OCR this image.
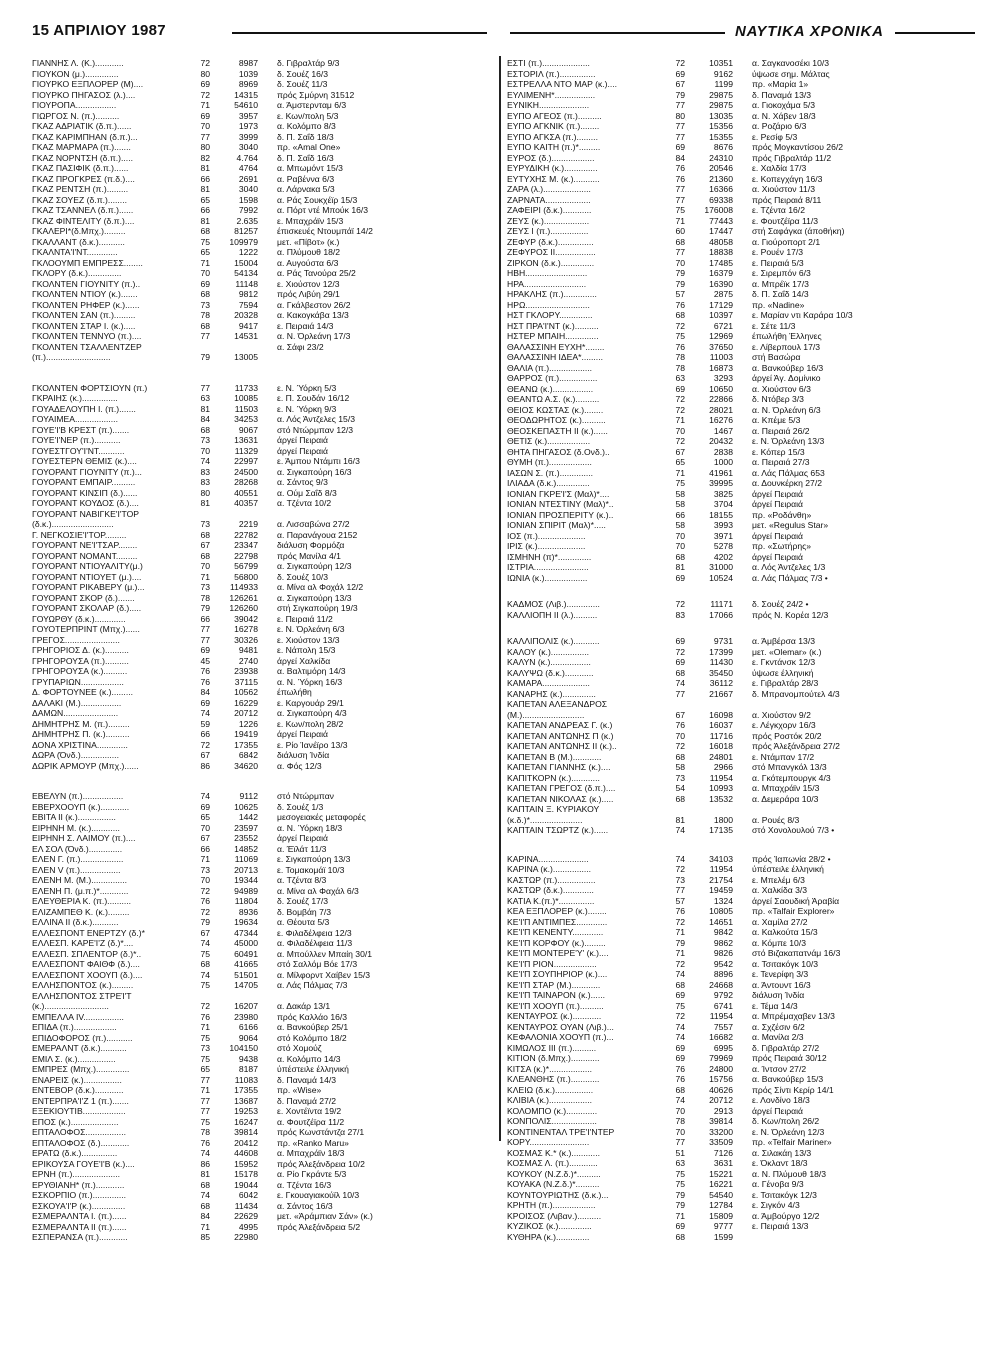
15 ΑΠΡΙΛΙΟΥ 1987	ΝΑΥΤΙΚΑ ΧΡΟΝΙΚΑ
ΓΙΑΝΝΗΣ Λ. (Κ.)............	72	8987 δ. Γιβραλτάρ 9/3
ΓΙΟΥΚΟΝ (μ.)..............	80	1039 δ. Σουέζ 16/3
ΓΙΟΥΡΚΟ ΕΞΠΛΟΡΕΡ (Μ)....	69	8969 δ. Σουέζ 11/3
ΓΙΟΥΡΚΟ ΠΗΓΑΣΟΣ (λ.)....	72	14315 πρός Σμύρνη 31512
ΓΙΟΥΡΟΠΑ.................	71	54610 α. Άμστερνταμ 6/3
ΓΙΩΡΓΟΣ Ν. (π.)..........	69	3957 ε. Κων/πολη 5/3
ΓΚΑΖ ΑΔΡΙΑΤΙΚ (δ.π.)......	70	1973 α. Κολόμπο 8/3
ΓΚΑΖ ΚΑΡΙΜΠΗΑΝ (δ.π.)...	77	3999 δ. Π. Σαΐδ 18/3
ΓΚΑΖ ΜΑΡΜΑΡΑ (π.).......	80	3040 πρ. «Amal One»
ΓΚΑΖ ΝΟΡΝΤΣΗ (δ.π.).....	82	4.764 δ. Π. Σαΐδ 16/3
ΓΚΑΖ ΠΑΣΙΦΙΚ (δ.π.)......	81	4764 α. Μπωμόντ 15/3
ΓΚΑΖ ΠΡΟΓΚΡΕΣ (π.δ.)....	66	2691 α. Ραβέννα 6/3
ΓΚΑΖ ΡΕΝΤΣΗ (π.).........	81	3040 α. Λάρνακα 5/3
ΓΚΑΖ ΣΟΥΕΖ (δ.π.)........	65	1598 α. Ράς Σουκχέϊρ 15/3
ΓΚΑΖ ΤΣΑΝΝΕΛ (δ.π.)......	66	7992 α. Πόρτ ντέ Μπούκ 16/3
ΓΚΑΖ ΦΙΝΤΕΛΙΤΥ (δ.π.)....	81	2.635 ε. Μπαχράϊν 15/3
ΓΚΑΛΕΡΙ*(δ.Μπχ.).........	68	81257 έπισκευές Ντουμπάϊ 14/2
ΓΚΑΛΛΑΝΤ (δ.κ.)...........	75	109979 μετ. «Πίβοτ» (κ.)
ΓΚΑΛΝΤΑ'Ι'ΝΤ.............	65	1222 α. Πλύμουθ 18/2
ΓΚΛΟΟΥΜΠ ΕΜΠΡΕΣΣ........	71	15004 α. Αυγούστα 6/3
ΓΚΛΟΡΥ (δ.κ.)..............	70	54134 α. Ράς Τανούρα 25/2
ΓΚΟΛΝΤΕΝ ΓΙΟΥΝΙΤΥ (π.)..	69	11148 ε. Χιούστον 12/3
ΓΚΟΛΝΤΕΝ ΝΤΙΟΥ (κ.).......	68	9812 πρός Λιβύη 29/1
ΓΚΟΛΝΤΕΝ ΡΗΦΕΡ (κ.)......	73	7594 α. Γκάλβεστον 26/2
ΓΚΟΛΝΤΕΝ ΣΑΝ (π.).........	78	20328 α. Κακογκάβα 13/3
ΓΚΟΛΝΤΕΝ ΣΤΑΡ Ι. (κ.).....	68	9417 ε. Πειραιά 14/3
ΓΚΟΛΝΤΕΝ ΤΕΝΝΥΟ (π.)....	77	14531 α. Ν. Όρλεάνη 17/3
ΓΚΟΛΝΤΕΝ ΤΣΑΛΛΕΝΤΖΕΡ	α. Σάφι 23/2
(π.)...........................	79	13005
ΓΚΟΛΝΤΕΝ ΦΟΡΤΣΙΟΥΝ (π.)	77	11733 ε. Ν. Ύόρκη 5/3
ΓΚΡΑΙΗΣ (κ.)...............	63	10085 ε. Π. Σουδάν 16/12
ΓΟΥΑΔΕΛΟΥΠΗ Ι. (π.).......	81	11503 ε. Ν. Ύόρκη 9/3
ΓΟΥΑΙΜΕΑ..................	84	34253 α. Λός Άντζελες 15/3
ΓΟΥΕ'Ι'Β ΚΡΕΣΤ (π.).......	68	9067 στό Ντώρμπαν 12/3
ΓΟΥΕ'Ι'ΝΕΡ (π.)...........	73	13631 άργεί Πειραιά
ΓΟΥΕΣΤΓΟΥ'Ι'ΝΤ...........	70	11329 άργεί Πειραιά
ΓΟΥΕΣΤΕΡΝ ΘΕΜΙΣ (κ.)....	74	22997 ε. Άμπου Ντάμπι 16/3
ΓΟΥΟΡΑΝΤ ΓΙΟΥΝΙΤΥ (π.)...	83	24500 α. Σιγκαπούρη 16/3
ΓΟΥΟΡΑΝΤ ΕΜΠΑΙΡ..........	83	28268 α. Σάντος 9/3
ΓΟΥΟΡΑΝΤ ΚΙΝΣΙΠ (δ.)......	80	40551 α. Ούμ Σαΐδ 8/3
ΓΟΥΟΡΑΝΤ ΚΟΥΔΟΣ (δ.)....	81	40357 α. Τζέντα 10/2
ΓΟΥΟΡΑΝΤ ΝΑΒΙΓΚΕ'Ι'ΤΟΡ
(δ.κ.)..........................	73	2219 α. Λισσαβώνα 27/2
Γ. ΝΕΓΚΟΣΙΕ'Ι'ΤΟΡ.........	68	22782 α. Παρανάγουα 2152
ΓΟΥΟΡΑΝΤ ΝΕ'Ι'ΤΣΑΡ........	67	23347 διάλυση Φορμόζα
ΓΟΥΟΡΑΝΤ ΝΟΜΑΝΤ.........	68	22798 πρός Μανίλα 4/1
ΓΟΥΟΡΑΝΤ ΝΤΙΟΥΑΛΙΤΥ(μ.)	70	56799 α. Σιγκαπούρη 12/3
ΓΟΥΟΡΑΝΤ ΝΤΙΟΥΕΤ (μ.)....	71	56800 δ. Σουέζ 10/3
ΓΟΥΟΡΑΝΤ ΡΙΚΑΒΕΡΥ (μ.)...	73	114933 α. Μίνα αλ Φοχάλ 12/2
ΓΟΥΟΡΑΝΤ ΣΚΟΡ (δ.).......	78	126261 α. Σιγκαπούρη 13/3
ΓΟΥΟΡΑΝΤ ΣΚΟΛΑΡ (δ.).....	79	126260 στή Σιγκαπούρη 19/3
ΓΟΥΩΡΘΥ (δ.κ.).............	66	39042 ε. Πειραιά 11/2
ΓΟΥΟΤΕΡΠΡΙΝΤ (Μπχ.)......	77	16278 ε. Ν. Όρλεάνη 6/3
ΓΡΕΓΟΣ.......................	77	30326 ε. Χιούστον 13/3
ΓΡΗΓΟΡΙΟΣ Δ. (κ.)..........	69	9481 ε. Νάπολη 15/3
ΓΡΗΓΟΡΟΥΣΑ (π.)..........	45	2740 άργεί Χαλκίδα
ΓΡΗΓΟΡΟΥΣΑ (κ.)..........	76	23938 α. Βαλτιμόρη 14/3
ΓΡΥΠΑΡΙΩΝ..................	76	37115 α. Ν. Ύόρκη 16/3
Δ. ΦΟΡΤΟΥΝΕΕ (κ.).........	84	10562 έπωλήθη
ΔΑΛΑΚΙ (Μ.).................	69	16229 ε. Καργουάρ 29/1
ΔΑΜΩΝ.......................	74	20712 α. Σιγκαπούρη 4/3
ΔΗΜΗΤΡΗΣ Μ. (π.).........	59	1226 ε. Κων/πολη 28/2
ΔΗΜΗΤΡΗΣ Π. (κ.)..........	66	19419 άργεί Πειραιά
ΔΟΝΑ ΧΡΙΣΤΙΝΑ.............	72	17355 ε. Ρίο Ίανέϊρο 13/3
ΔΩΡΑ (Όνδ.)................	67	6842 διάλυση Ίνδία
ΔΩΡΙΚ ΑΡΜΟΥΡ (Μπχ.)......	86	34620 α. Φός 12/3
ΕΒΕΛΥΝ (π.).................	74	9112 στό Ντώρμπαν
ΕΒΕΡΧΟΟΥΠ (κ.)............	69	10625 δ. Σουέζ 1/3
ΕΒΙΤΑ ΙΙ (κ.)................	65	1442 μεσογειακές μεταφορές
ΕΙΡΗΝΗ Μ. (κ.)............	70	23597 α. Ν. Ύόρκη 18/3
ΕΙΡΗΝΗ Σ. ΛΑΙΜΟΥ (π.)....	67	23552 άργεί Πειραιά
ΕΛ ΣΟΛ (Όνδ.)..............	66	14852 α. Έϊλάτ 11/3
ΕΛΕΝ Γ. (π.)..................	71	11069 ε. Σιγκαπούρη 13/3
ΕΛΕΝ V (π.).................	73	20713 ε. Τομακομάϊ 10/3
ΕΛΕΝΗ Μ. (Μ.)...............	70	19344 α. Τζέντα 8/3
ΕΛΕΝΗ Π. (μ.π.)*............	72	94989 α. Μίνα αλ Φαχάλ 6/3
ΕΛΕΥΘΕΡΙΑ Κ. (π.)..........	76	11804 δ. Σουέζ 17/3
ΕΛΙΖΑΜΠΕΘ Κ. (κ.).........	72	8936 δ. Βομβάη 7/3
ΕΛΛΙΝΑ ΙΙ (δ.κ.)...........	79	19634 α. Θέουτα 5/3
ΕΛΛΕΣΠΟΝΤ ΕΝΕΡΤΖΥ (δ.)*	67	47344 ε. Φιλαδέλφεια 12/3
ΕΛΛΕΣΠ. ΚΑΡΕ'Ι'Ζ (δ.)*....	74	45000 α. Φιλαδέλφεια 11/3
ΕΛΛΕΣΠ. ΣΠΛΕΝΤΟΡ (δ.)*..	75	60491 α. Μπούλλεν Μπαίη 30/1
ΕΛΛΕΣΠΟΝΤ ΦΑΙΘΦ (δ.)....	68	41665 στό Σαλλόμ Βόε 17/3
ΕΛΛΕΣΠΟΝΤ ΧΟΟΥΠ (δ.)....	74	51501 α. Μίλφορντ Χαίβεν 15/3
ΕΛΛΗΣΠΟΝΤΟΣ (κ.).........	75	14705 α. Λάς Πάλμας 7/3
ΕΛΛΗΣΠΟΝΤΟΣ ΣΤΡΕΊ'Τ
(κ.)...........................	72	16207 α. Δακάρ 13/1
ΕΜΠΕΛΛΑ IV.................	76	23980 πρός Καλλάο 16/3
ΕΠΙΔΑ (π.)..................	71	6166 α. Βανκούβερ 25/1
ΕΠΙΔΟΦΟΡΟΣ (π.)...........	75	9064 στό Κολόμπο 18/2
ΕΜΕΡΑΛΝΤ (δ.κ.)...........	73	104150 στό Χομούζ
ΕΜΙΛ Σ. (κ.)................	75	9438 α. Κολόμπο 14/3
ΕΜΠΡΕΣ (Μπχ.)..............	65	8187 ύπέστειλε έλληνική
ΕΝΑΡΕΙΣ (κ.)................	77	11083 δ. Παναμά 14/3
ΕΝΤΕΒΟΡ (δ.κ.)............	71	17355 πρ. «Wise»
ΕΝΤΕΡΠΡΑ'Ι'Ζ 1 (π.).......	77	13687 δ. Παναμά 27/2
ΕΞΕΚΙΟΥΤΙΒ..................	77	19253 ε. Χοντέϊντα 19/2
ΕΠΟΣ (κ.)....................	75	16247 α. Φουτζέϊρα 11/2
ΕΠΤΑΛΟΦΟΣ.................	78	39814 πρός Κωνστάντζα 27/1
ΕΠΤΑΛΟΦΟΣ (δ.)............	76	20412 πρ. «Ranko Maru»
ΕΡΑΤΩ (δ.κ.)...............	74	44608 α. Μπαχράϊν 18/3
ΕΡΙΚΟΥΣΑ ΓΟΥΕ'Ι'Β (κ.)....	86	15952 πρός Άλεξάνδρεια 10/2
ΕΡΝΗ (π.)....................	81	15178 α. Ρίο Γκράντε 5/3
ΕΡΥΘΙΑΝΗ* (π.)............	68	19044 α. Τζέντα 16/3
ΕΣΚΟΡΠΙΟ (π.)..............	74	6042 ε. Γκουαγιακούϊλ 10/3
ΕΣΚΟΥΑ'Ι'Ρ (κ.)..............	68	11434 α. Σάντος 16/3
ΕΣΜΕΡΑΛΝΤΑ Ι. (π.)......	84	22629 μετ. «Άράμπιαν Σάν» (κ.)
ΕΣΜΕΡΑΛΝΤΑ ΙΙ (π.)......	71	4995 πρός Άλεξάνδρεια 5/2
ΕΣΠΕΡΑΝΣΑ (π.)............	85	22980
ΕΣΤΙ (π.)....................	72	10351 α. Σαγκανοσέκι 10/3
ΕΣΤΟΡΙΛ (π.)...............	69	9162 ύψωσε σημ. Μάλτας
ΕΣΤΡΕΛΛΑ ΝΤΟ ΜΑΡ (κ.)....	67	1199 πρ. «Μαρία 1»
ΕΥΛΙΜΕΝΗ*.................	79	29875 δ. Παναμά 13/3
ΕΥΝΙΚΗ.....................	77	29875 α. Γιοκοχάμα 5/3
ΕΥΠΟ ΑΓΕΟΣ (π.)..........	80	13035 α. Ν. Χάβεν 18/3
ΕΥΠΟ ΑΓΚΝΙΚ (π.)........	77	15356 α. Ροζάριο 6/3
ΕΥΠΟ ΑΓΚΣΑ (π.).........	77	15355 ε. Ρεσίφ 5/3
ΕΥΠΟ ΚΑΙΤΗ (π.)*.........	69	8676 πρός Μογκαντίσου 26/2
ΕΥΡΟΣ (δ.)..................	84	24310 πρός Γιβραλτάρ 11/2
ΕΥΡΥΔΙΚΗ (κ.)..............	76	20546 ε. Χαλδία 17/3
ΕΥΤΥΧΗΣ Μ. (κ.)...........	76	21360 ε. Κοπεγχάγη 16/3
ΖΑΡΑ (λ.)....................	77	16366 α. Χιούστον 11/3
ΖΑΡΝΑΤΑ...................	77	69338 πρός Πειραιά 8/11
ΖΑΦΕΙΡΙ (δ.κ.)............	75	176008 ε. Τζέντα 16/2
ΖΕΥΣ (κ.)...................	71	77443 ε. Φουτζέϊρα 11/3
ΖΕΥΣ Ι (π.)................	60	17447 στή Σαφάγκα (άποθήκη)
ΖΕΦΥΡ (δ.κ.)...............	68	48058 α. Γιούροπορτ 2/1
ΖΕΦΥΡΟΣ ΙΙ.................	77	18838 ε. Ρουέν 17/3
ΖΙΡΚΟΝ (δ.κ.)..............	70	17485 ε. Πειραιά 5/3
ΗΒΗ..........................	79	16379 ε. Σιρεμπόν 6/3
ΗΡΑ..........................	79	16390 α. Μπρέϊκ 17/3
ΗΡΑΚΛΗΣ (π.)..............	57	2875 δ. Π. Σαΐδ 14/3
ΗΡΩ...........................	76	17129 πρ. «Nadine»
ΗΣΤ ΓΚΛΟΡΥ..............	68	10397 ε. Μαρίαν ντι Καράρα 10/3
ΗΣΤ ΠΡΑ'Ι'ΝΤ (κ.)..........	72	6721 ε. Σέτε 11/3
ΗΣΤΕΡ ΜΠΑΙΗ..............	75	12969 έπωλήθη Έλληνες
ΘΑΛΑΣΣΙΝΗ ΕΥΧΗ*........	76	37650 ε. Λίβερπουλ 17/3
ΘΑΛΑΣΣΙΝΗ ΙΔΕΑ*.........	78	11003 στή Βασώρα
ΘΑΛΙΑ (π.)..................	78	16873 α. Βανκούβερ 16/3
ΘΑΡΡΟΣ (π.)................	63	3293 άργεί Άγ. Δομίνικο
ΘΕΑΝΩ (κ.).................	69	10650 α. Χιούστον 6/3
ΘΕΑΝΤΩ Α.Σ. (κ.)..........	72	22866 δ. Ντόβερ 3/3
ΘΕΙΟΣ ΚΩΣΤΑΣ (κ.)........	72	28021 α. Ν. Όρλεάνη 6/3
ΘΕΟΔΩΡΗΤΟΣ (κ.)..........	71	16276 α. Κπέμε 5/3
ΘΕΟΣΚΕΠΑΣΤΗ ΙΙ (κ.)......	70	1467 α. Πειραιά 26/2
ΘΕΤΙΣ (κ.)..................	72	20432 ε. Ν. Όρλεάνη 13/3
ΘΗΤΑ ΠΗΓΑΣΟΣ (δ.Ονδ.)..	67	2838 ε. Κόπερ 15/3
ΘΥΜΗ (π.)..................	65	1000 α. Πειραιά 27/3
ΙΑΣΩΝ Σ. (π.)..............	71	41961 α. Λάς Πάλμας 653
ΙΛΙΑΔΑ (δ.κ.)..............	75	39995 α. Δουνκέρκη 27/2
ΙΟΝΙΑΝ ΓΚΡΕ'Ι'Σ (Μαλ)*....	58	3825 άργεί Πειραιά
ΙΟΝΙΑΝ ΝΤΕΣΤΙΝΥ (Μαλ)*..	58	3704 άργεί Πειραιά
ΙΟΝΙΑΝ ΠΡΟΣΠΕΡΙΤΥ (κ.)..	66	18155 πρ. «Ροδάνθη»
ΙΟΝΙΑΝ ΣΠΙΡΙΤ (Μαλ)*.....	58	3993 μετ. «Regulus Star»
ΙΟΣ (π.)....................	70	3971 άργεί Πειραιά
ΙΡΙΣ (κ.)....................	70	5278 πρ. «Σωτήρης»
ΙΣΜΗΝΗ (π)*..............	68	4202 άργεί Πειραιά
ΙΣΤΡΙΑ.......................	81	31000 α. Λός Άντζελες 1/3
ΙΩΝΙΑ (κ.)..................	69	10524 α. Λάς Πάλμας 7/3 •
ΚΑΔΜΟΣ (Λιβ.)..............	72	11171 δ. Σουέζ 24/2 •
ΚΑΛΛΙΟΠΗ ΙΙ (λ.)..........	83	17066 πρός Ν. Κορέα 12/3
ΚΑΛΛΙΠΟΛΙΣ (κ.)...........	69	9731 α. Άμβέρσα 13/3
ΚΑΛΟΥ (κ.)................	72	17399 μετ. «Olemar» (κ.)
ΚΑΛΥΝ (κ.).................	69	11430 ε. Γκντάνσκ 12/3
ΚΑΛΥΨΩ (δ.κ.)............	68	35450 ύψωσε έλληνική
ΚΑΜΑΡΑ....................	74	36112 ε. Γιβραλτάρ 28/3
ΚΑΝΑΡΗΣ (κ.)..............	77	21667 δ. Μπρανομπούτελ 4/3
ΚΑΠΕΤΑΝ ΑΛΕΞΑΝΔΡΟΣ
(Μ.)..........................	67	16098 α. Χιούστον 9/2
ΚΑΠΕΤΑΝ ΑΝΔΡΕΑΣ Γ. (κ.)	76	16037 ε. Λέγκχορν 16/3
ΚΑΠΕΤΑΝ ΑΝΤΩΝΗΣ Π (κ.)	70	11716 πρός Ροστόκ 20/2
ΚΑΠΕΤΑΝ ΑΝΤΩΝΗΣ ΙΙ (κ.)..	72	16018 πρός Άλεξάνδρεια 27/2
ΚΑΠΕΤΑΝ Β (Μ.)............	68	24801 ε. Ντάμπαν 17/2
ΚΑΠΕΤΑΝ ΓΙΑΝΝΗΣ (κ.)....	58	2966 στό Μπανγκόλ 13/3
ΚΑΠΙΤΚΟΡΝ (κ.)............	73	11954 α. Γκότεμπουργκ 4/3
ΚΑΠΕΤΑΝ ΓΡΕΓΟΣ (δ.π.)....	54	10993 α. Μπαχράϊν 15/3
ΚΑΠΕΤΑΝ ΝΙΚΟΛΑΣ (κ.).....	68	13532 α. Δεμεράρα 10/3
ΚΑΠΤΑΙΝ Ξ. ΚΥΡΙΑΚΟΥ
(κ.δ.)*......................	81	1800 α. Ρουές 8/3
ΚΑΠΤΑΙΝ ΤΣΩΡΤΖ (κ.)......	74	17135 στό Χονολουλού 7/3 •
ΚΑΡΙΝΑ.....................	74	34103 πρός Ίαπωνία 28/2 •
ΚΑΡΙΝΑ (κ.)................	72	11954 ύπέστειλε έλληνική
ΚΑΣΤΩΡ (π.)................	73	21754 ε. Μπελέμ 6/3
ΚΑΣΤΩΡ (δ.κ.).............	77	19459 α. Χαλκίδα 3/3
ΚΑΤΙΑ Κ.(π.)*...............	57	1324 άργεί Σαουδική Άραβία
ΚΕΑ ΕΞΠΛΟΡΕΡ (κ.)........	76	10805 πρ. «Talfair Explorer»
ΚΕ'Ι'Π ΑΝΤΙΜΠΕΣ.............	72	14651 α. Χαμίλα 27/2
ΚΕ'Ι'Π ΚΕΝΕΝΤΥ.............	71	9842 α. Καλκούτα 15/3
ΚΕ'Ι'Π ΚΟΡΦΟΥ (κ.).........	79	9862 α. Κόμπε 10/3
ΚΕ'Ι'Π ΜΟΝΤΕΡΕ'Υ' (κ.)....	71	9826 στό Βιζακαπατνάμ 16/3
ΚΕ'Ι'Π ΡΙΟΝ..................	72	9542 α. Τσιτακόγκ 10/3
ΚΕ'Ι'Π ΣΟΥΠΗΡΙΟΡ (κ.)....	74	8896 ε. Τενερίφη 3/3
ΚΕ'Ι'Π ΣΤΑΡ (Μ.)............	68	24668 α. Άντουντ 16/3
ΚΕ'Ι'Π ΤΑΙΝΑΡΟΝ (κ.)......	69	9792 διάλυση Ίνδία
ΚΕ'Ι'Π ΧΟΟΥΠ (π.)..........	75	6741 ε. Τέμα 14/3
ΚΕΝΤΑΥΡΟΣ (κ.)............	72	11954 α. Μπρέμαχαβεν 13/3
ΚΕΝΤΑΥΡΟΣ ΟΥΑΝ (Λιβ.)...	74	7557 α. Σχζέσιν 6/2
ΚΕΦΑΛΟΝΙΑ ΧΟΟΥΠ (π.)...	74	16682 α. Μανίλα 2/3
ΚΙΜΩΛΟΣ ΙΙΙ (π.)..........	69	6995 δ. Γιβραλτάρ 27/2
ΚΙΤΙΟΝ (δ.Μπχ.)............	69	79969 πρός Πειραιά 30/12
ΚΙΤΣΑ (κ.)*..................	76	24800 α. Ίντσον 27/2
ΚΛΕΑΝΘΗΣ (π.)............	76	15756 α. Βανκούβερ 15/3
ΚΛΕΙΩ (δ.κ.)................	68	40626 πρός Σίντι Κερίρ 14/1
ΚΛΙΒΙΑ (κ.)..................	74	20712 ε. Λονδίνο 18/3
ΚΟΛΟΜΠΟ (κ.).............	70	2913 άργεί Πειραιά
ΚΟΝΠΟΛΙΣ...................	78	39814 δ. Κων/πολη 26/2
ΚΟΝΤΙΝΕΝΤΑΛ ΤΡΕ'Ι'ΝΤΕΡ	70	33200 ε. Ν. Όρλεάνη 12/3
ΚΟΡΥ.........................	77	33509 πρ. «Telfair Mariner»
ΚΟΣΜΑΣ Κ.* (κ.)............	51	7126 α. Σιλακάη 13/3
ΚΟΣΜΑΣ Λ. (π.)............	63	3631 ε. Όκλαντ 18/3
ΚΟΥΚΟΥ (Ν.Ζ.δ.)*..........	75	15221 α. Ν. Πλύμουθ 18/3
ΚΟΥΑΚΑ (Ν.Ζ.δ.)*..........	75	16221 α. Γένοβα 9/3
ΚΟΥΝΤΟΥΡΙΩΤΗΣ (δ.κ.)...	79	54540 ε. Τσιτακόγκ 12/3
ΚΡΗΤΗ (π.)..................	79	12784 ε. Σιγκόν 4/3
ΚΡΟΙΣΟΣ (Λιβαν.)..........	71	15809 α. Άμβούργο 12/2
ΚΥΖΙΚΟΣ (κ.)..............	69	9777 ε. Πειραιά 13/3
ΚΥΘΗΡΑ (κ.)..............	68	1599
